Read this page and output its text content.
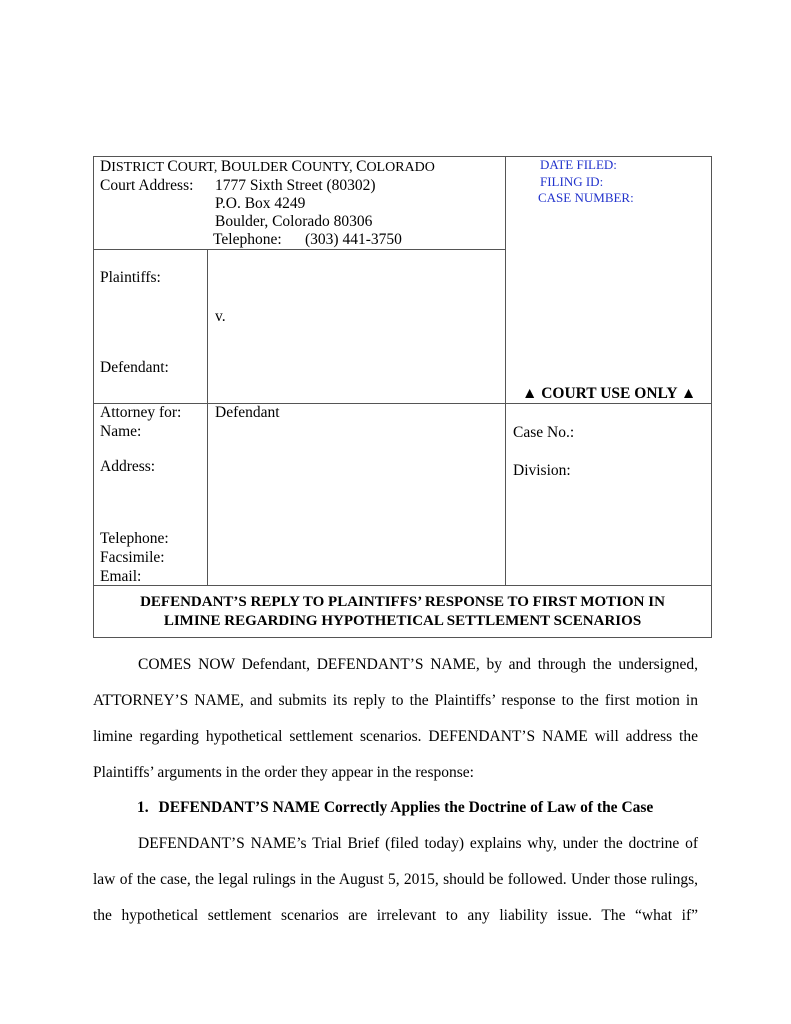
DISTRICT COURT, BOULDER COUNTY, COLORADO
Court Address: 1777 Sixth Street (80302)
P.O. Box 4249
Boulder, Colorado 80306
Telephone: (303) 441-3750
DATE FILED:
FILING ID:
CASE NUMBER:
Plaintiffs:
v.
Defendant:
▲ COURT USE ONLY ▲
Attorney for: Defendant
Name:
Address:
Telephone:
Facsimile:
Email:
Case No.:
Division:
DEFENDANT’S REPLY TO PLAINTIFFS’ RESPONSE TO FIRST MOTION IN
LIMINE REGARDING HYPOTHETICAL SETTLEMENT SCENARIOS
COMES NOW Defendant, DEFENDANT’S NAME, by and through the undersigned,
ATTORNEY’S NAME, and submits its reply to the Plaintiffs’ response to the first motion in
limine regarding hypothetical settlement scenarios. DEFENDANT’S NAME will address the
Plaintiffs’ arguments in the order they appear in the response:
1. DEFENDANT’S NAME Correctly Applies the Doctrine of Law of the Case
DEFENDANT’S NAME’s Trial Brief (filed today) explains why, under the doctrine of
law of the case, the legal rulings in the August 5, 2015, should be followed. Under those rulings,
the hypothetical settlement scenarios are irrelevant to any liability issue. The “what if”
